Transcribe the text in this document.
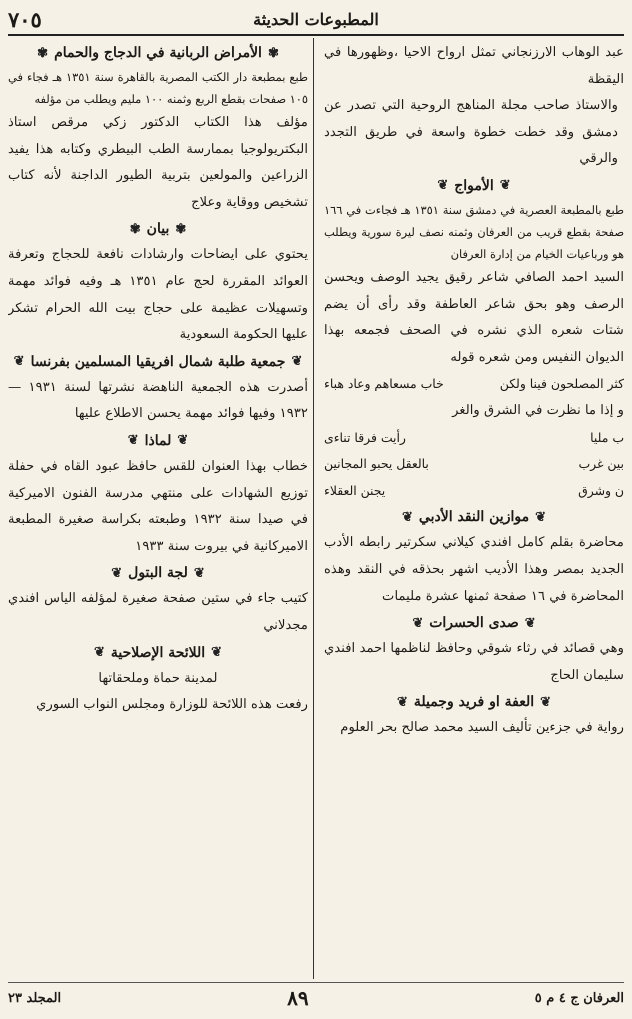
٧٠٥	المطبوعات الحديثة

عبد الوهاب الارزنجاني تمثل ارواح الاحيا ،وظهورها في اليقظة

والاستاذ صاحب مجلة المناهج الروحية التي تصدر عن دمشق وقد خطت خطوة واسعة في طريق التجدد والرقي

❦
الأمواج
❦

طبع بالمطبعة العصرية في دمشق سنة ١٣٥١ هـ فجاءت في ١٦٦ صفحة بقطع قريب من العرفان وثمنه نصف ليرة سورية ويطلب هو ورباعيات الخيام من إدارة العرفان

السيد احمد الصافي شاعر رقيق يجيد الوصف ويحسن الرصف وهو بحق شاعر العاطفة وقد رأى أن يضم شتات شعره الذي نشره في الصحف فجمعه بهذا الديوان النفيس ومن شعره قوله

كثر المصلحون فينا ولكن
خاب مسعاهم وعاد هباء

و إذا ما نظرت في الشرق والغر

ب مليا
رأيت فرقا تناءى
بين غرب
بالعقل يحبو المجانين
ن وشرق
يجنن العقلاء
❦
موازين النقد الأدبي
❦

محاضرة بقلم كامل افندي كيلاني سكرتير رابطه الأدب الجديد بمصر وهذا الأديب اشهر بحذقه في النقد وهذه المحاضرة في ١٦ صفحة ثمنها عشرة مليمات

❦
صدى الحسرات
❦

وهي قصائد في رثاء شوقي وحافظ لناظمها احمد افندي سليمان الحاج

❦
العفة او فريد وجميلة
❦

رواية في جزءين تأليف السيد محمد صالح بحر العلوم

✾
الأمراض الربانية في الدجاج والحمام
✾

طبع بمطبعة دار الكتب المصرية بالقاهرة سنة ١٣٥١ هـ فجاء في ١٠٥ صفحات بقطع الربع وثمنه ١٠٠ مليم ويطلب من مؤلفه

مؤلف هذا الكتاب الدكتور زكي مرقص استاذ البكتريولوجيا بممارسة الطب البيطري وكتابه هذا يفيد الزراعين والمولعين بتربية الطيور الداجنة لأنه كتاب تشخيص ووقاية وعلاج

✾
بيان
✾

يحتوي على ايضاحات وارشادات نافعة للحجاج وتعرفة العوائد المقررة لحج عام ١٣٥١ هـ وفيه فوائد مهمة وتسهيلات عظيمة على حجاج بيت الله الحرام تشكر عليها الحكومة السعودية

❦
جمعية طلبة شمال افريقيا المسلمين بفرنسا
❦

أصدرت هذه الجمعية الناهضة نشرتها لسنة ١٩٣١ — ١٩٣٢ وفيها فوائد مهمة يحسن الاطلاع عليها

❦
لماذا
❦

خطاب بهذا العنوان للقس حافظ عبود القاه في حفلة توزيع الشهادات على منتهي مدرسة الفنون الاميركية في صيدا سنة ١٩٣٢ وطبعته بكراسة صغيرة المطبعة الاميركانية في بيروت سنة ١٩٣٣

❦
لجة البتول
❦

كتيب جاء في ستين صفحة صغيرة لمؤلفه الياس افندي مجدلاني

❦
اللائحة الإصلاحية
❦

لمدينة حماة وملحقاتها

رفعت هذه اللائحة للوزارة ومجلس النواب السوري

المجلد ٢٣	٨٩	العرفان ج ٤ م ٥
